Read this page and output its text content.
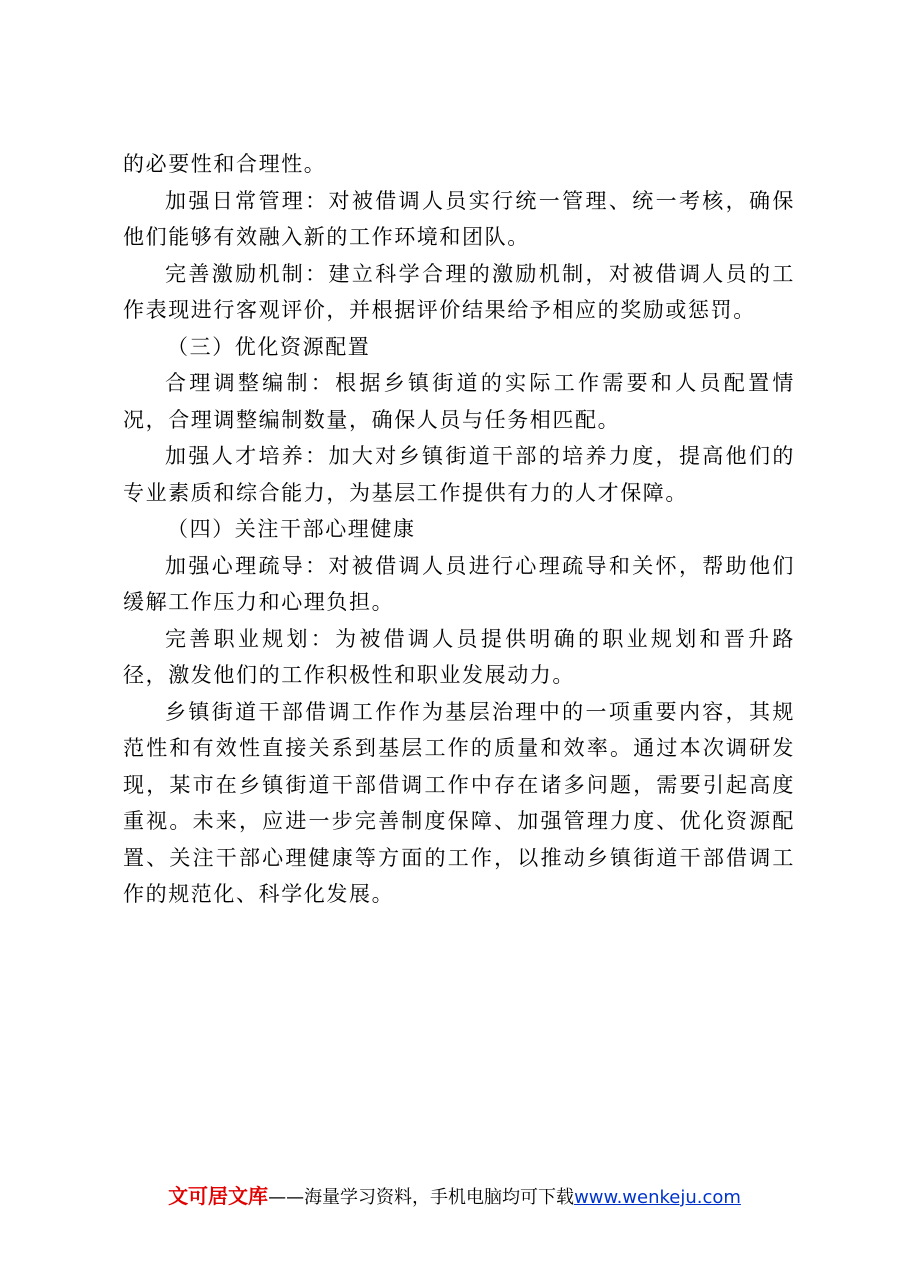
的必要性和合理性。

加强日常管理：对被借调人员实行统一管理、统一考核，确保他们能够有效融入新的工作环境和团队。

完善激励机制：建立科学合理的激励机制，对被借调人员的工作表现进行客观评价，并根据评价结果给予相应的奖励或惩罚。

（三）优化资源配置

合理调整编制：根据乡镇街道的实际工作需要和人员配置情况，合理调整编制数量，确保人员与任务相匹配。

加强人才培养：加大对乡镇街道干部的培养力度，提高他们的专业素质和综合能力，为基层工作提供有力的人才保障。

（四）关注干部心理健康

加强心理疏导：对被借调人员进行心理疏导和关怀，帮助他们缓解工作压力和心理负担。

完善职业规划：为被借调人员提供明确的职业规划和晋升路径，激发他们的工作积极性和职业发展动力。

乡镇街道干部借调工作作为基层治理中的一项重要内容，其规范性和有效性直接关系到基层工作的质量和效率。通过本次调研发现，某市在乡镇街道干部借调工作中存在诸多问题，需要引起高度重视。未来，应进一步完善制度保障、加强管理力度、优化资源配置、关注干部心理健康等方面的工作，以推动乡镇街道干部借调工作的规范化、科学化发展。

文可居文库——海量学习资料，手机电脑均可下载www.wenkeju.com
